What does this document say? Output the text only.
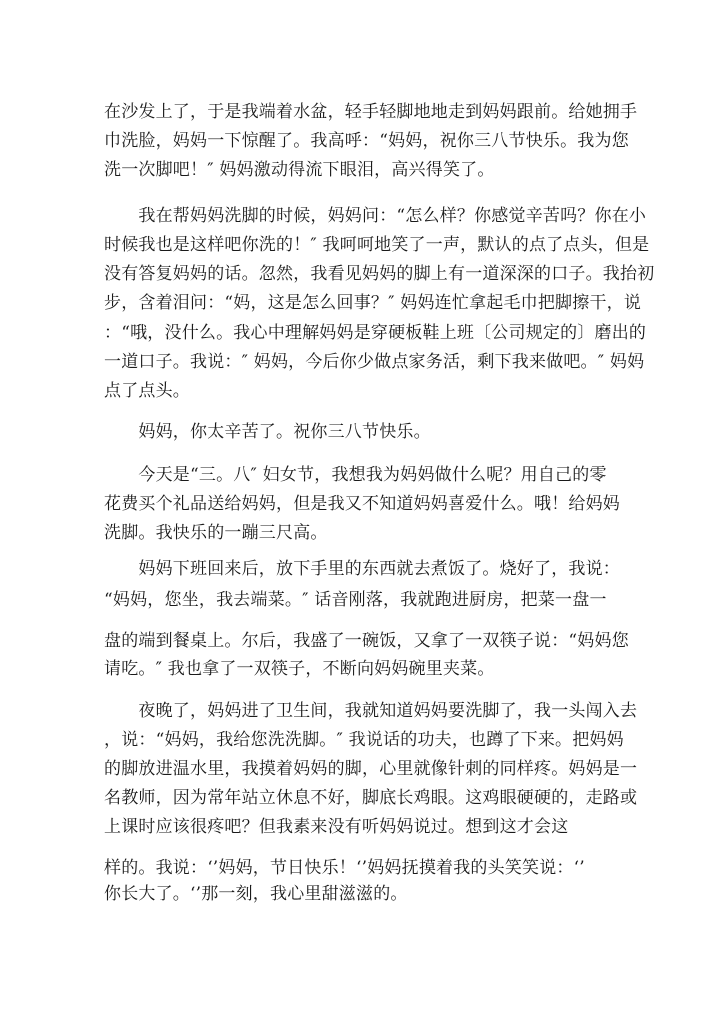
在沙发上了，于是我端着水盆，轻手轻脚地地走到妈妈跟前。给她拥手
巾洗脸，妈妈一下惊醒了。我高呼：“妈妈，祝你三八节快乐。我为您
洗一次脚吧！″ 妈妈激动得流下眼泪，高兴得笑了。
　　我在帮妈妈洗脚的时候，妈妈问：“怎么样？你感觉辛苦吗？你在小
时候我也是这样吧你洗的！″ 我呵呵地笑了一声，默认的点了点头，但是
没有答复妈妈的话。忽然，我看见妈妈的脚上有一道深深的口子。我抬初
步，含着泪问：“妈，这是怎么回事？″ 妈妈连忙拿起毛巾把脚擦干，说
：“哦，没什么。我心中理解妈妈是穿硬板鞋上班〔公司规定的〕磨出的
一道口子。我说：″ 妈妈，今后你少做点家务活，剩下我来做吧。″ 妈妈
点了点头。
　　妈妈，你太辛苦了。祝你三八节快乐。
　　今天是“三。八″ 妇女节，我想我为妈妈做什么呢？用自己的零
花费买个礼品送给妈妈，但是我又不知道妈妈喜爱什么。哦！给妈妈
洗脚。我快乐的一蹦三尺高。
　　妈妈下班回来后，放下手里的东西就去煮饭了。烧好了，我说：
“妈妈，您坐，我去端菜。″ 话音刚落，我就跑进厨房，把菜一盘一
盘的端到餐桌上。尔后，我盛了一碗饭，又拿了一双筷子说：“妈妈您
请吃。″ 我也拿了一双筷子，不断向妈妈碗里夹菜。
　　夜晚了，妈妈进了卫生间，我就知道妈妈要洗脚了，我一头闯入去
，说：“妈妈，我给您洗洗脚。″ 我说话的功夫，也蹲了下来。把妈妈
的脚放进温水里，我摸着妈妈的脚，心里就像针刺的同样疼。妈妈是一
名教师，因为常年站立休息不好，脚底长鸡眼。这鸡眼硬硬的，走路或
上课时应该很疼吧？但我素来没有听妈妈说过。想到这才会这
样的。我说：‘’妈妈，节日快乐！‘’妈妈抚摸着我的头笑笑说：‘’
你长大了。‘’那一刻，我心里甜滋滋的。
